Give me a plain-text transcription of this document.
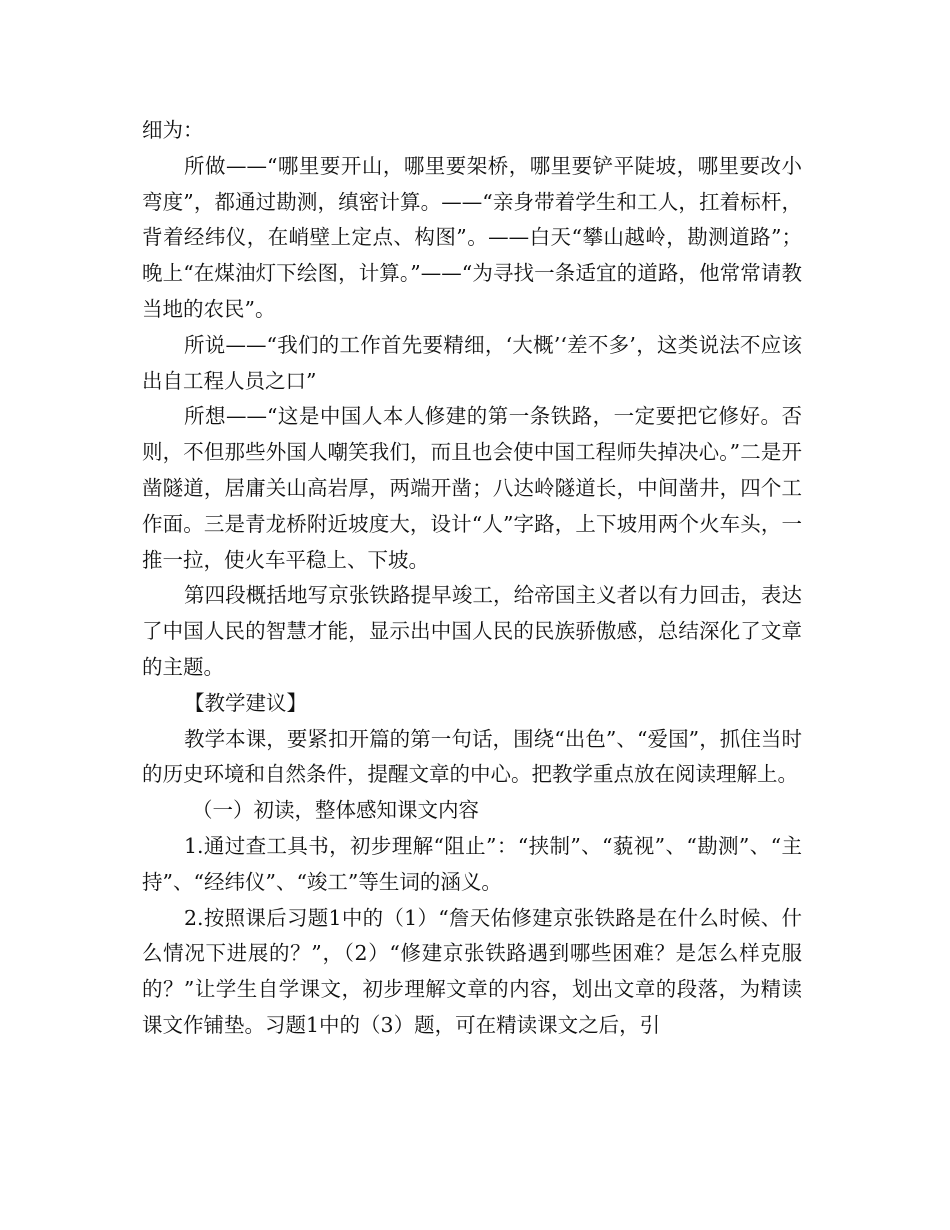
细为：

所做——“哪里要开山，哪里要架桥，哪里要铲平陡坡，哪里要改小弯度”，都通过勘测，缜密计算。——“亲身带着学生和工人，扛着标杆，背着经纬仪，在峭壁上定点、构图”。——白天“攀山越岭，勘测道路”；晚上“在煤油灯下绘图，计算。”——“为寻找一条适宜的道路，他常常请教当地的农民”。

所说——“我们的工作首先要精细，‘大概’‘差不多’，这类说法不应该出自工程人员之口”

所想——“这是中国人本人修建的第一条铁路，一定要把它修好。否则，不但那些外国人嘲笑我们，而且也会使中国工程师失掉决心。”二是开凿隧道，居庸关山高岩厚，两端开凿；八达岭隧道长，中间凿井，四个工作面。三是青龙桥附近坡度大，设计“人”字路，上下坡用两个火车头，一推一拉，使火车平稳上、下坡。

第四段概括地写京张铁路提早竣工，给帝国主义者以有力回击，表达了中国人民的智慧才能，显示出中国人民的民族骄傲感，总结深化了文章的主题。

【教学建议】

教学本课，要紧扣开篇的第一句话，围绕“出色”、“爱国”，抓住当时的历史环境和自然条件，提醒文章的中心。把教学重点放在阅读理解上。

（一）初读，整体感知课文内容

1.通过查工具书，初步理解“阻止”：“挟制”、“藐视”、“勘测”、“主持”、“经纬仪”、“竣工”等生词的涵义。

2.按照课后习题1中的（1）“詹天佑修建京张铁路是在什么时候、什么情况下进展的？”，（2）“修建京张铁路遇到哪些困难？是怎么样克服的？”让学生自学课文，初步理解文章的内容，划出文章的段落，为精读课文作铺垫。习题1中的（3）题，可在精读课文之后，引
